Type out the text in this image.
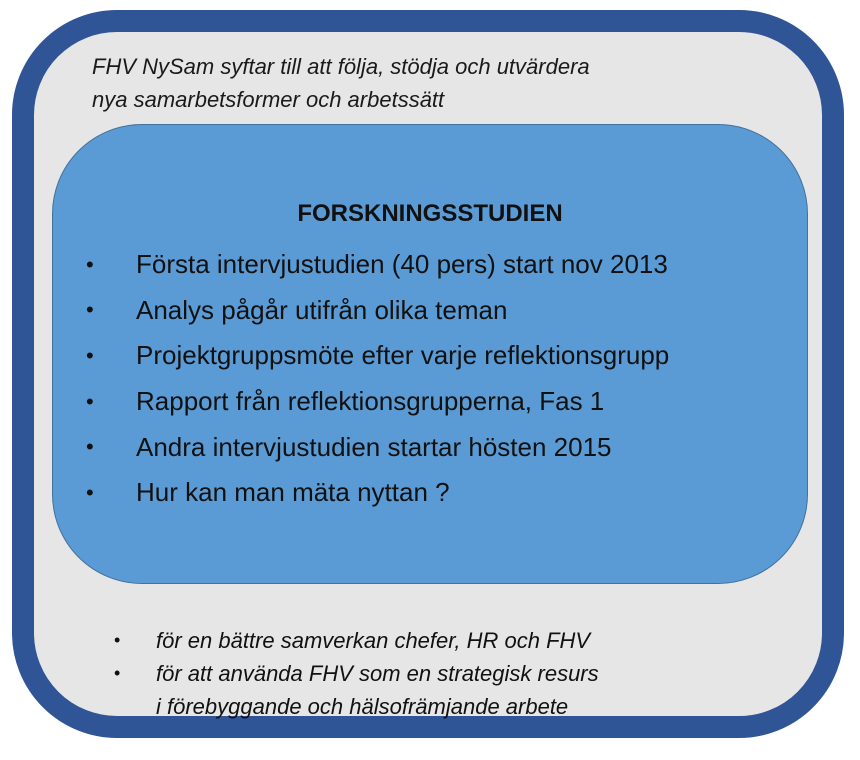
FHV NySam syftar till att följa, stödja och utvärdera
nya samarbetsformer och arbetssätt
FORSKNINGSSTUDIEN
•	Första intervjustudien (40 pers) start nov 2013
•	Analys pågår utifrån olika teman
•	Projektgruppsmöte efter varje reflektionsgrupp
•	Rapport från reflektionsgrupperna, Fas 1
•	Andra intervjustudien startar hösten 2015
•	Hur kan man mäta nyttan ?
•	för en bättre samverkan chefer, HR och FHV
•	för att använda FHV som en strategisk resurs
i förebyggande och hälsofrämjande arbete
